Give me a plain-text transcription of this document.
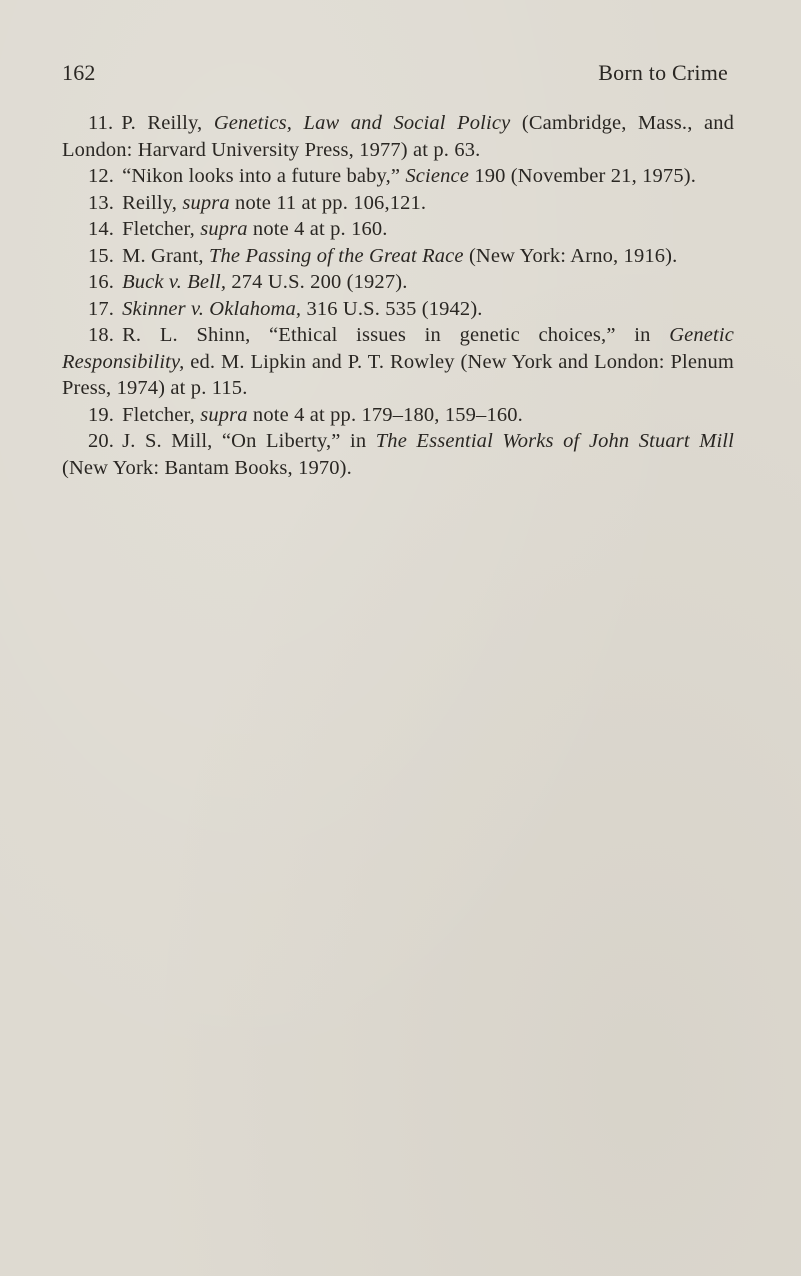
162	Born to Crime

11. P. Reilly, Genetics, Law and Social Policy (Cambridge, Mass., and London: Harvard University Press, 1977) at p. 63.

12. “Nikon looks into a future baby,” Science 190 (November 21, 1975).

13. Reilly, supra note 11 at pp. 106,121.

14. Fletcher, supra note 4 at p. 160.

15. M. Grant, The Passing of the Great Race (New York: Arno, 1916).

16. Buck v. Bell, 274 U.S. 200 (1927).

17. Skinner v. Oklahoma, 316 U.S. 535 (1942).

18. R. L. Shinn, “Ethical issues in genetic choices,” in Genetic Responsibility, ed. M. Lipkin and P. T. Rowley (New York and London: Plenum Press, 1974) at p. 115.

19. Fletcher, supra note 4 at pp. 179–180, 159–160.

20. J. S. Mill, “On Liberty,” in The Essential Works of John Stuart Mill (New York: Bantam Books, 1970).
